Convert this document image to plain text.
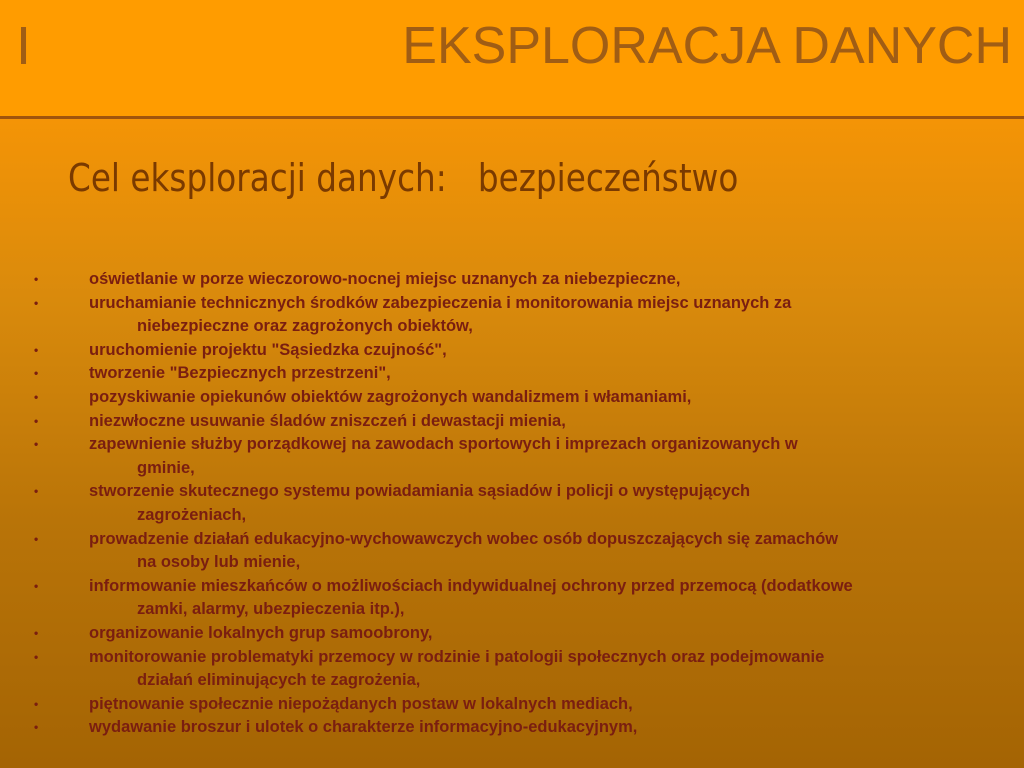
I	EKSPLORACJA DANYCH
Cel eksploracji danych:   bezpieczeństwo
•	oświetlanie w porze wieczorowo-nocnej miejsc uznanych za niebezpieczne,
•	uruchamianie technicznych środków zabezpieczenia i monitorowania miejsc uznanych za
niebezpieczne oraz zagrożonych obiektów,
•	uruchomienie projektu "Sąsiedzka czujność",
•	tworzenie "Bezpiecznych przestrzeni",
•	pozyskiwanie opiekunów obiektów zagrożonych wandalizmem i włamaniami,
•	niezwłoczne usuwanie śladów zniszczeń i dewastacji mienia,
•	zapewnienie służby porządkowej na zawodach sportowych i imprezach organizowanych w
gminie,
•	stworzenie skutecznego systemu powiadamiania sąsiadów i policji o występujących
zagrożeniach,
•	prowadzenie działań edukacyjno-wychowawczych wobec osób dopuszczających się zamachów
na osoby lub mienie,
•	informowanie mieszkańców o możliwościach indywidualnej ochrony przed przemocą (dodatkowe
zamki, alarmy, ubezpieczenia itp.),
•	organizowanie lokalnych grup samoobrony,
•	monitorowanie problematyki przemocy w rodzinie i patologii społecznych oraz podejmowanie
działań eliminujących te zagrożenia,
•	piętnowanie społecznie niepożądanych postaw w lokalnych mediach,
•	wydawanie broszur i ulotek o charakterze informacyjno-edukacyjnym,
